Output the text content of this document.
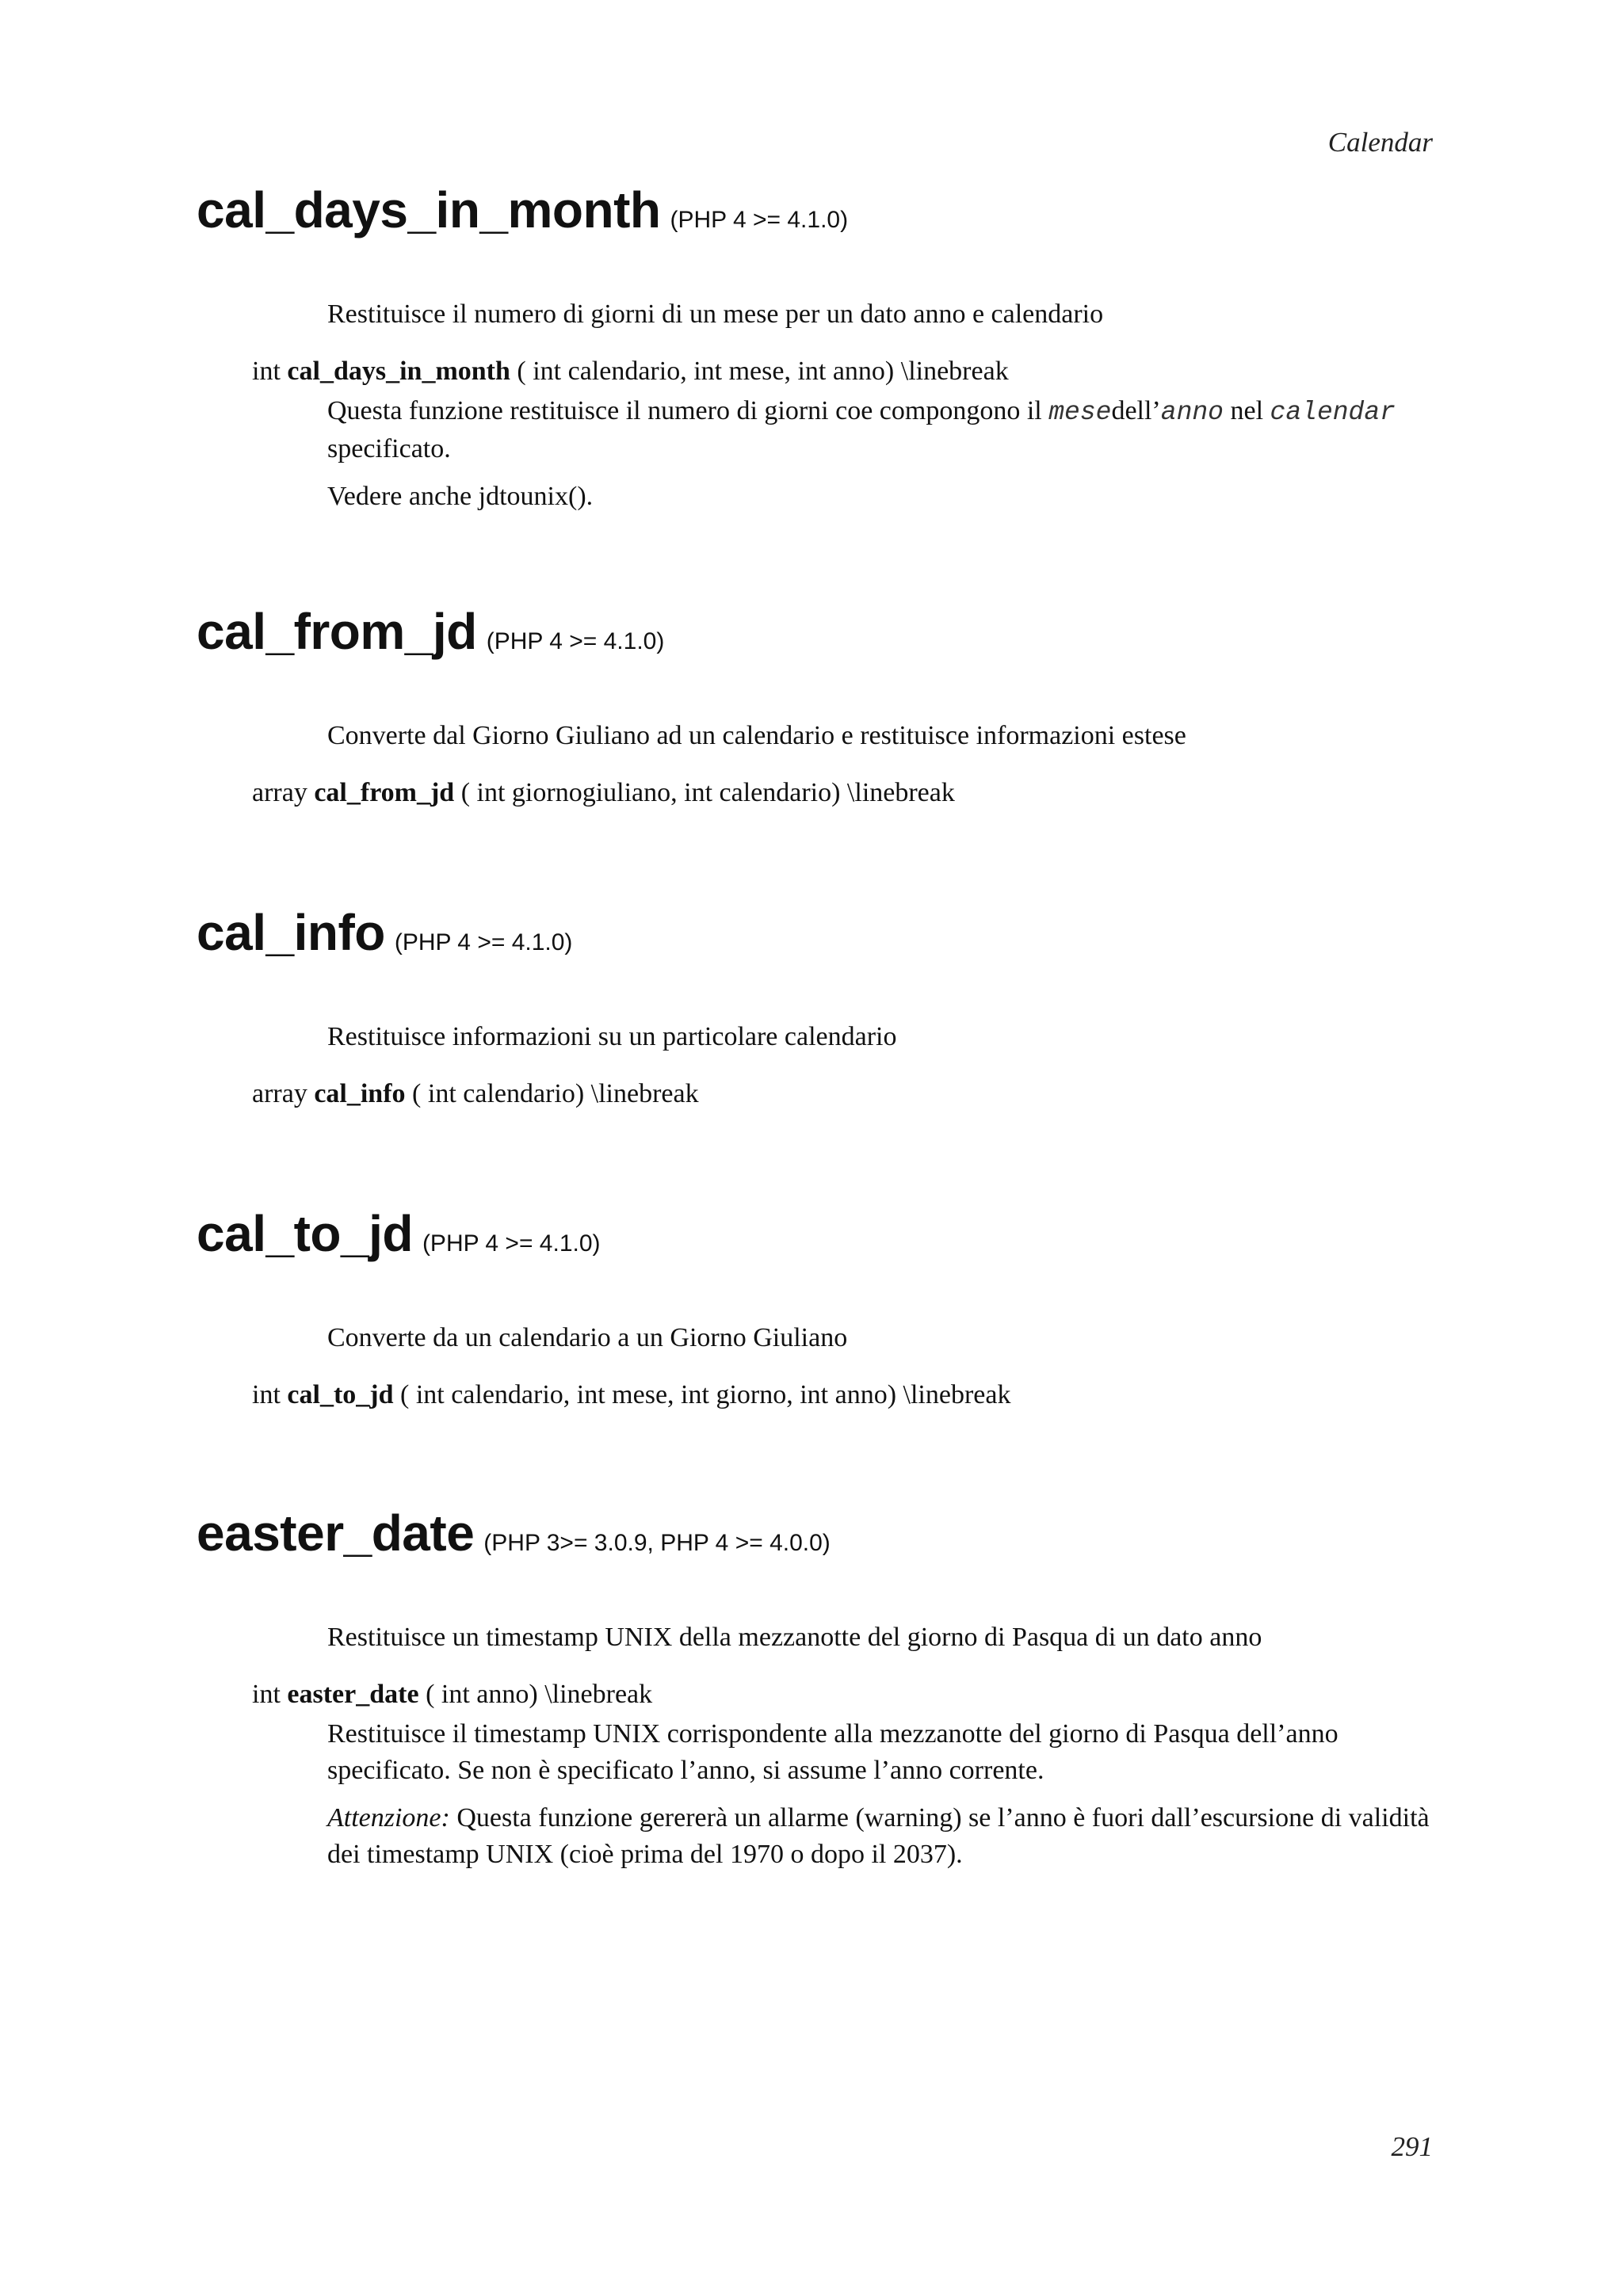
Calendar
cal_days_in_month (PHP 4 >= 4.1.0)

Restituisce il numero di giorni di un mese per un dato anno e calendario

int cal_days_in_month ( int calendario, int mese, int anno) \linebreak

Questa funzione restituisce il numero di giorni coe compongono il mesedell’anno nel calendar specificato.

Vedere anche jdtounix().

cal_from_jd (PHP 4 >= 4.1.0)

Converte dal Giorno Giuliano ad un calendario e restituisce informazioni estese

array cal_from_jd ( int giornogiuliano, int calendario) \linebreak

cal_info (PHP 4 >= 4.1.0)

Restituisce informazioni su un particolare calendario

array cal_info ( int calendario) \linebreak

cal_to_jd (PHP 4 >= 4.1.0)

Converte da un calendario a un Giorno Giuliano

int cal_to_jd ( int calendario, int mese, int giorno, int anno) \linebreak

easter_date (PHP 3>= 3.0.9, PHP 4 >= 4.0.0)

Restituisce un timestamp UNIX della mezzanotte del giorno di Pasqua di un dato anno

int easter_date ( int anno) \linebreak

Restituisce il timestamp UNIX corrispondente alla mezzanotte del giorno di Pasqua dell’anno specificato. Se non è specificato l’anno, si assume l’anno corrente.

Attenzione: Questa funzione gerererà un allarme (warning) se l’anno è fuori dall’escursione di validità dei timestamp UNIX (cioè prima del 1970 o dopo il 2037).

291
